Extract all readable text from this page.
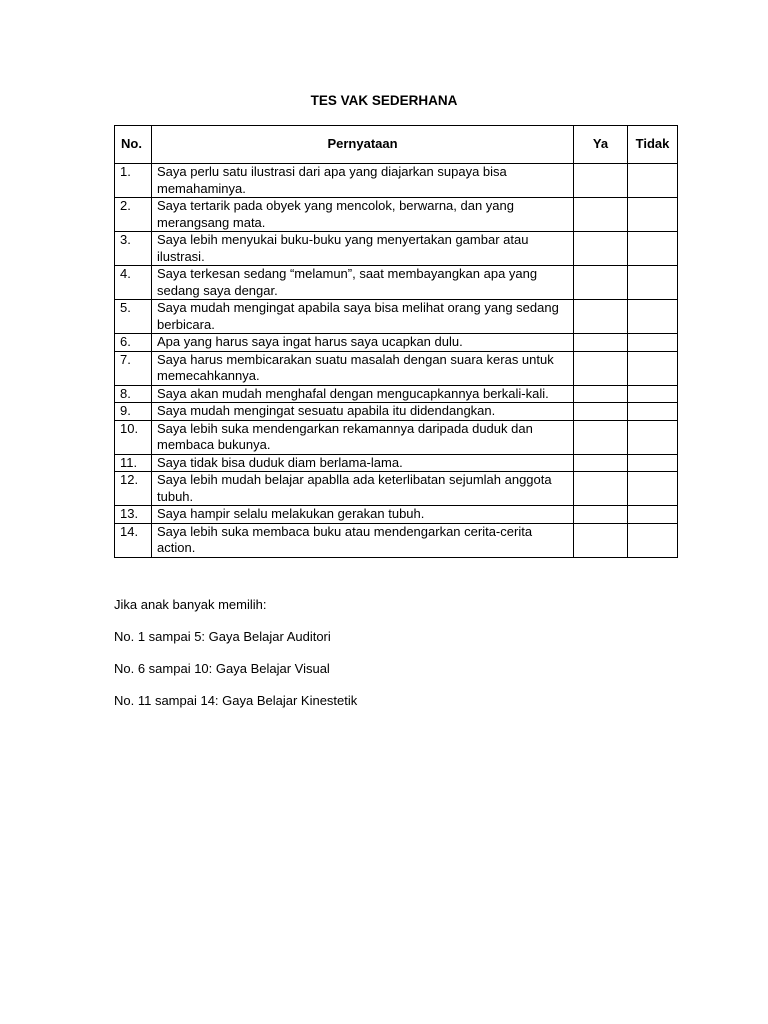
TES VAK SEDERHANA
No.	Pernyataan	Ya	Tidak
1.	Saya perlu satu ilustrasi dari apa yang diajarkan supaya bisa memahaminya.		
2.	Saya tertarik pada obyek yang mencolok, berwarna, dan yang merangsang mata.		
3.	Saya lebih menyukai buku-buku yang menyertakan gambar atau ilustrasi.		
4.	Saya terkesan sedang “melamun”, saat membayangkan apa yang sedang saya dengar.		
5.	Saya mudah mengingat apabila saya bisa melihat orang yang sedang berbicara.		
6.	Apa yang harus saya ingat harus saya ucapkan dulu.		
7.	Saya harus membicarakan suatu masalah dengan suara keras untuk memecahkannya.		
8.	Saya akan mudah menghafal dengan mengucapkannya berkali-kali.		
9.	Saya mudah mengingat sesuatu apabila itu didendangkan.		
10.	Saya lebih suka mendengarkan rekamannya daripada duduk dan membaca bukunya.		
11.	Saya tidak bisa duduk diam berlama-lama.		
12.	Saya lebih mudah belajar apablla ada keterlibatan sejumlah anggota tubuh.		
13.	Saya hampir selalu melakukan gerakan tubuh.		
14.	Saya lebih suka membaca buku atau mendengarkan cerita-cerita action.		

Jika anak banyak memilih:

No. 1 sampai 5: Gaya Belajar Auditori

No. 6 sampai 10: Gaya Belajar Visual

No. 11 sampai 14: Gaya Belajar Kinestetik
